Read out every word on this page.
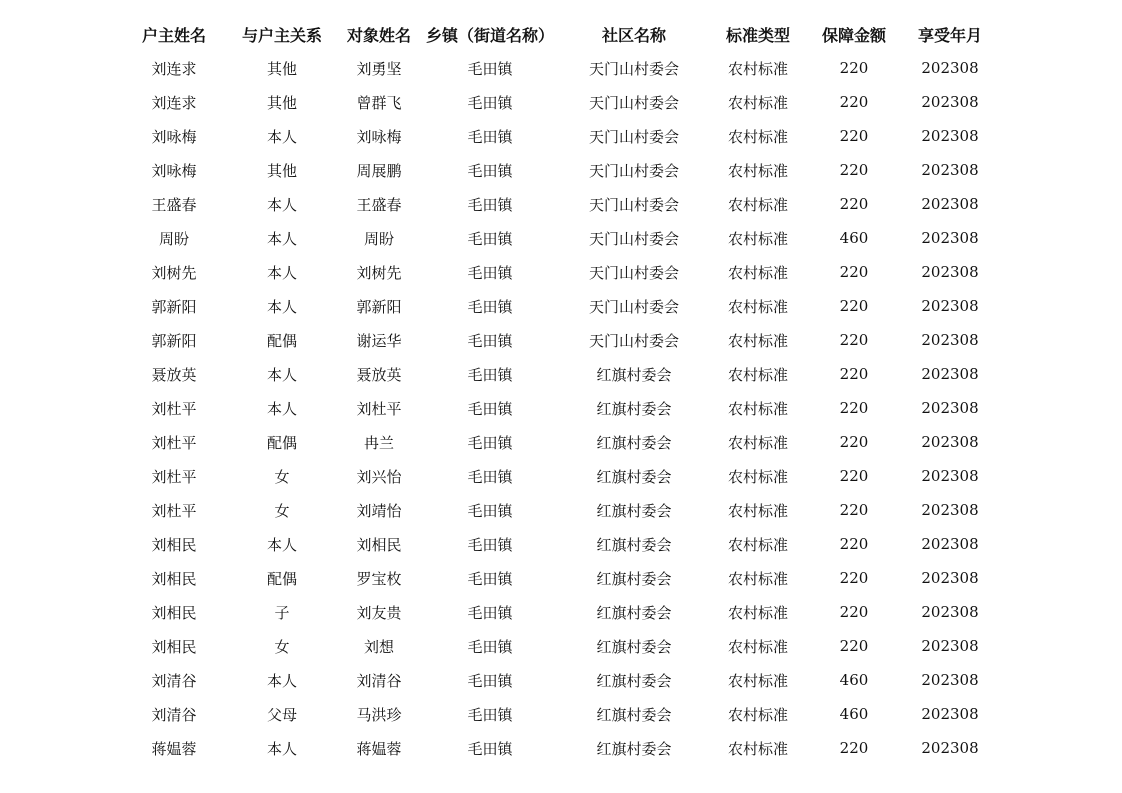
户主姓名	与户主关系	对象姓名	乡镇（街道名称）	社区名称	标准类型	保障金额	享受年月
刘连求	其他	刘勇坚	毛田镇	天门山村委会	农村标准	220	202308
刘连求	其他	曾群飞	毛田镇	天门山村委会	农村标准	220	202308
刘咏梅	本人	刘咏梅	毛田镇	天门山村委会	农村标准	220	202308
刘咏梅	其他	周展鹏	毛田镇	天门山村委会	农村标准	220	202308
王盛春	本人	王盛春	毛田镇	天门山村委会	农村标准	220	202308
周盼	本人	周盼	毛田镇	天门山村委会	农村标准	460	202308
刘树先	本人	刘树先	毛田镇	天门山村委会	农村标准	220	202308
郭新阳	本人	郭新阳	毛田镇	天门山村委会	农村标准	220	202308
郭新阳	配偶	谢运华	毛田镇	天门山村委会	农村标准	220	202308
聂放英	本人	聂放英	毛田镇	红旗村委会	农村标准	220	202308
刘杜平	本人	刘杜平	毛田镇	红旗村委会	农村标准	220	202308
刘杜平	配偶	冉兰	毛田镇	红旗村委会	农村标准	220	202308
刘杜平	女	刘兴怡	毛田镇	红旗村委会	农村标准	220	202308
刘杜平	女	刘靖怡	毛田镇	红旗村委会	农村标准	220	202308
刘相民	本人	刘相民	毛田镇	红旗村委会	农村标准	220	202308
刘相民	配偶	罗宝枚	毛田镇	红旗村委会	农村标准	220	202308
刘相民	子	刘友贵	毛田镇	红旗村委会	农村标准	220	202308
刘相民	女	刘想	毛田镇	红旗村委会	农村标准	220	202308
刘清谷	本人	刘清谷	毛田镇	红旗村委会	农村标准	460	202308
刘清谷	父母	马洪珍	毛田镇	红旗村委会	农村标准	460	202308
蒋媪蓉	本人	蒋媪蓉	毛田镇	红旗村委会	农村标准	220	202308
